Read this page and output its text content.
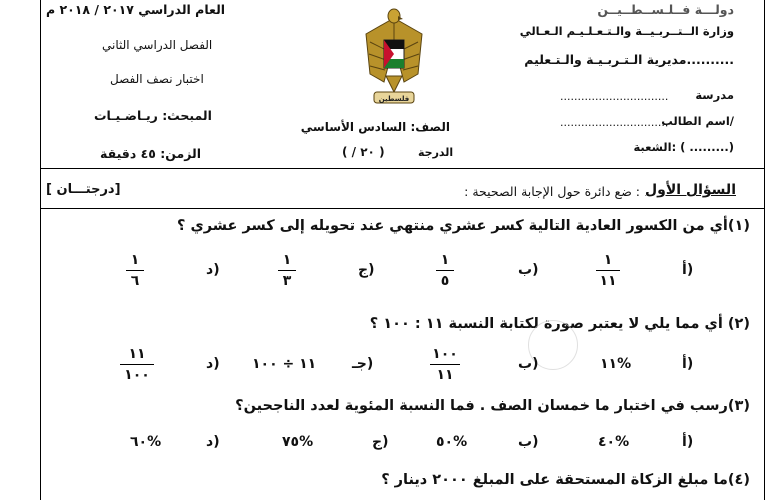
دولـــة فــلـســطــيــن
وزارة الــتــربـيــة والـتـعـلـيـم الـعـالي
مديرية الـتـربـيـة والـتـعليم..........
مدرسة
...............................
اسم الطالب/
...............................
الشعبة: ( .........)
فلسطين
الصف: السادس الأساسي
الدرجة
( / ٢٠ )
العام الدراسي ٢٠١٧ / ٢٠١٨ م
الفصل الدراسي الثاني
اختبار نصف الفصل
المبحث: ريـاضـيـات
الزمن: ٤٥ دقيقة
السؤال الأول
: ضع دائرة حول الإجابة الصحيحة :
[ درجتـــان]
(١)أي من الكسور العادية التالية كسر عشري منتهي عند تحويله إلى كسر عشري ؟
أ)
١
١١
ب)
١
٥
ج)
١
٣
د)
١
٦
(٢) أي مما يلي لا يعتبر صورة لكتابة النسبة ١١ : ١٠٠ ؟
أ)
١١%
ب)
١٠٠
١١
جـ)
١١ ÷ ١٠٠
د)
١١
١٠٠
(٣)رسب في اختبار ما خمسان الصف . فما النسبة المئوية لعدد الناجحين؟
أ)
٤٠%
ب)
٥٠%
ج)
٧٥%
د)
٦٠%
(٤)ما مبلغ الزكاة المستحقة على المبلغ ٢٠٠٠ دينار ؟
